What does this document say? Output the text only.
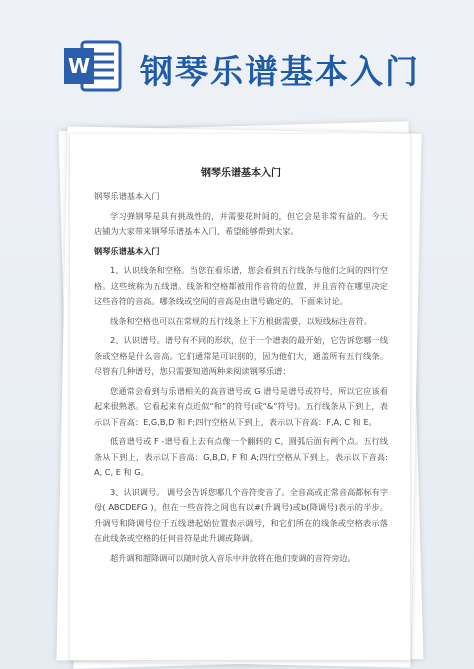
W 钢琴乐谱基本入门
钢琴乐谱基本入门

钢琴乐谱基本入门

学习弹钢琴是具有挑战性的，并需要花时间的，但它会是非常有益的。今天店铺为大家带来钢琴乐谱基本入门，希望能够帮到大家。

钢琴乐谱基本入门

1、认识线条和空格。当您在看乐谱，您会看到五行线条与他们之间的四行空格。这些统称为五线谱。线条和空格都被用作音符的位置，并且音符在哪里决定这些音符的音高。哪条线或空间的音高是由谱号确定的，下面来讨论。

线条和空格也可以在常规的五行线条上下方根据需要，以短线标注音符。

2、认识谱号。谱号有不同的形状，位于一个谱表的最开始，它告诉您哪一线条或空格是什么音高。它们通常是可识别的，因为他们大，通盖所有五行线条。尽管有几种谱号，您只需要知道两种来阅读钢琴乐谱：

您通常会看到与乐谱相关的高音谱号或 G 谱号是谱号或符号，所以它应该看起来很熟悉。它看起来有点近似“和”的符号(或“&”符号)。五行线条从下到上，表示以下音高：E,G,B,D 和 F;四行空格从下到上，表示以下音高：F,A, C 和 E。

低音谱号或 F -谱号看上去有点像一个翻转的 C，圆弧后面有两个点。五行线条从下到上，表示以下音高：G,B,D, F 和 A;四行空格从下到上，表示以下音高: A, C, E 和 G。

3、认识调号。 调号会告诉您哪几个音符变音了。全音高或正常音高都标有字母( ABCDEFG )，但在一些音符之间也有以#(升调号)或b(降调号)表示的半步。升调号和降调号位于五线谱起始位置表示调号，和它们所在的线条或空格表示落在此线条或空格的任何音符是此升调或降调。

超升调和超降调可以随时放入音乐中并放将在他们变调的音符旁边。
